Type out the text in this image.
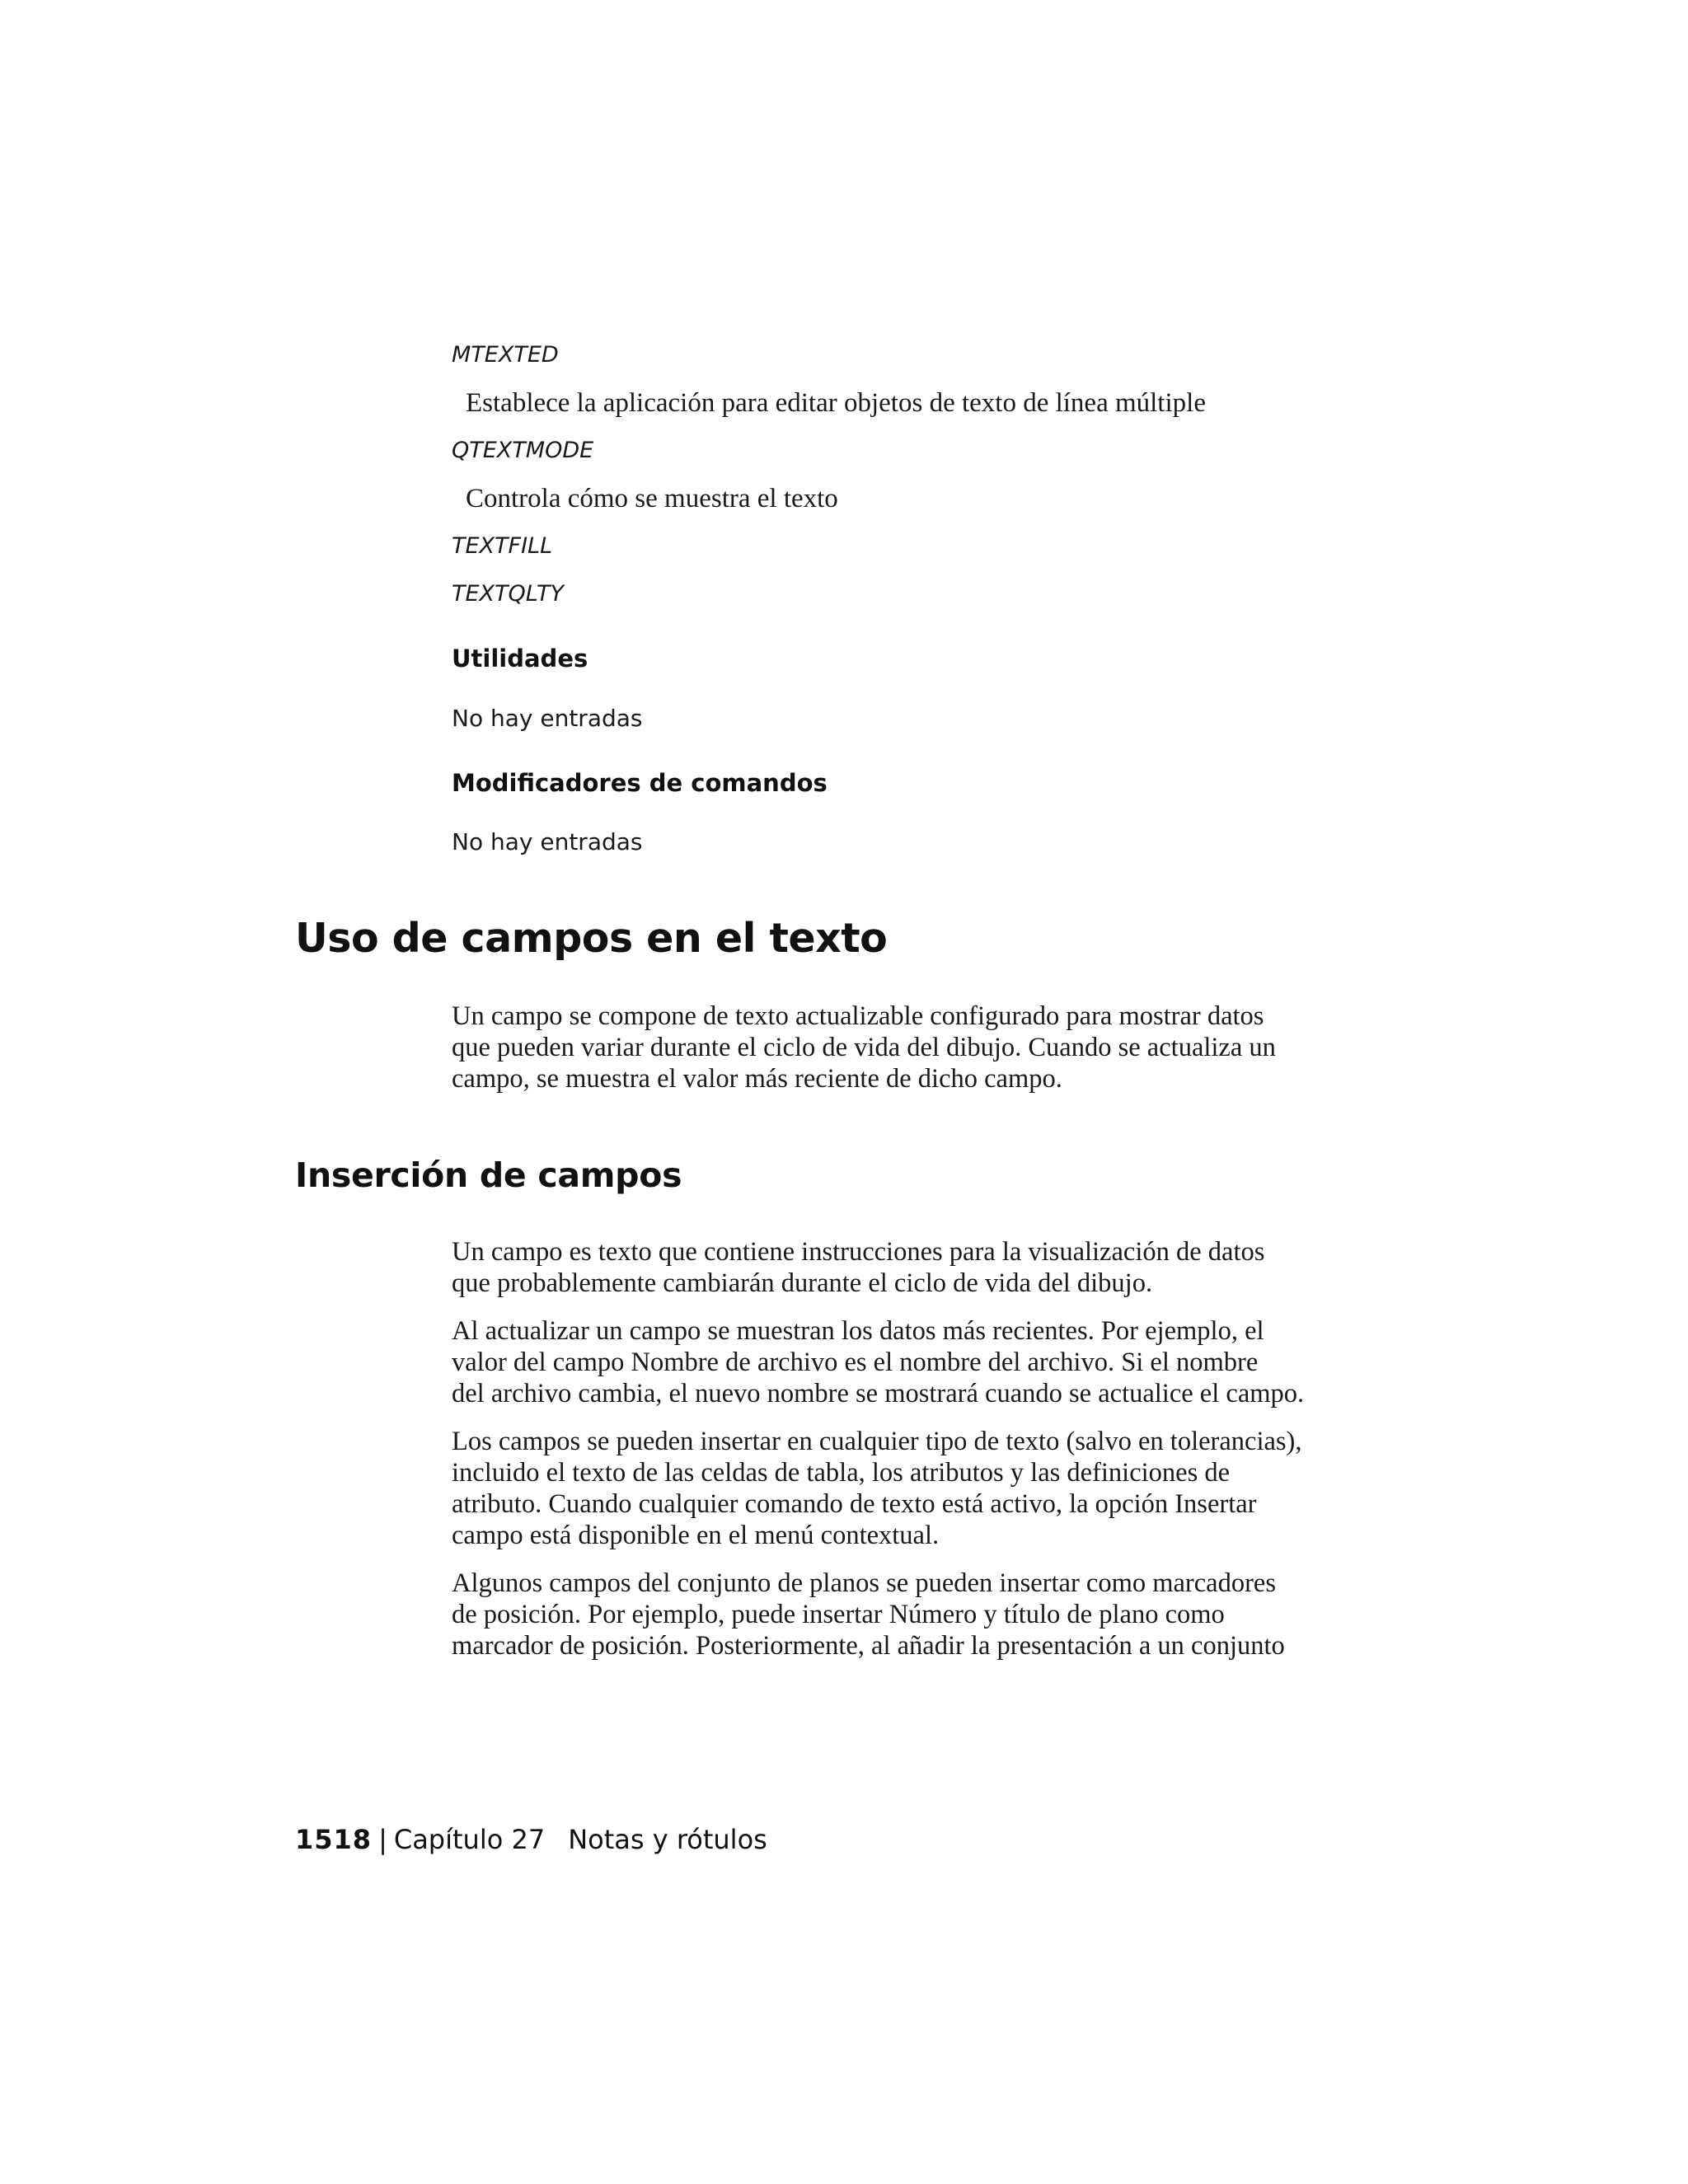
MTEXTED
Establece la aplicación para editar objetos de texto de línea múltiple
QTEXTMODE
Controla cómo se muestra el texto
TEXTFILL
TEXTQLTY
Utilidades
No hay entradas
Modificadores de comandos
No hay entradas
Uso de campos en el texto
Un campo se compone de texto actualizable configurado para mostrar datos
que pueden variar durante el ciclo de vida del dibujo. Cuando se actualiza un
campo, se muestra el valor más reciente de dicho campo.
Inserción de campos
Un campo es texto que contiene instrucciones para la visualización de datos
que probablemente cambiarán durante el ciclo de vida del dibujo.
Al actualizar un campo se muestran los datos más recientes. Por ejemplo, el
valor del campo Nombre de archivo es el nombre del archivo. Si el nombre
del archivo cambia, el nuevo nombre se mostrará cuando se actualice el campo.
Los campos se pueden insertar en cualquier tipo de texto (salvo en tolerancias),
incluido el texto de las celdas de tabla, los atributos y las definiciones de
atributo. Cuando cualquier comando de texto está activo, la opción Insertar
campo está disponible en el menú contextual.
Algunos campos del conjunto de planos se pueden insertar como marcadores
de posición. Por ejemplo, puede insertar Número y título de plano como
marcador de posición. Posteriormente, al añadir la presentación a un conjunto
1518 | Capítulo 27 Notas y rótulos
